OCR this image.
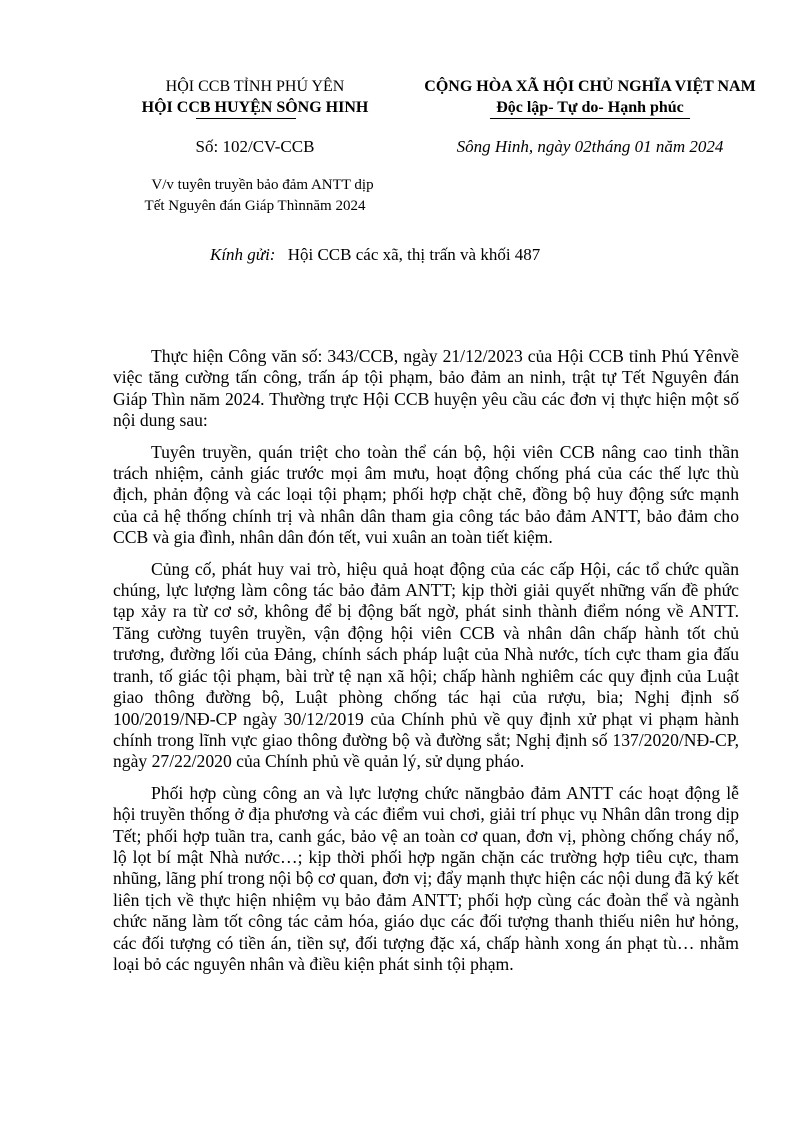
HỘI CCB TỈNH PHÚ YÊN
HỘI CCB HUYỆN SÔNG HINH
CỘNG HÒA XÃ HỘI CHỦ NGHĨA VIỆT NAM
Độc lập- Tự do- Hạnh phúc
Số: 102/CV-CCB	Sông Hinh, ngày 02tháng 01 năm 2024
V/v tuyên truyền bảo đảm ANTT dịp
Tết Nguyên đán Giáp Thìnnăm 2024
Kính gửi: Hội CCB các xã, thị trấn và khối 487

Thực hiện Công văn số: 343/CCB, ngày 21/12/2023 của Hội CCB tỉnh Phú Yênvề việc tăng cường tấn công, trấn áp tội phạm, bảo đảm an ninh, trật tự Tết Nguyên đán Giáp Thìn năm 2024. Thường trực Hội CCB huyện yêu cầu các đơn vị thực hiện một số nội dung sau:

Tuyên truyền, quán triệt cho toàn thể cán bộ, hội viên CCB nâng cao tinh thần trách nhiệm, cảnh giác trước mọi âm mưu, hoạt động chống phá của các thế lực thù địch, phản động và các loại tội phạm; phối hợp chặt chẽ, đồng bộ huy động sức mạnh của cả hệ thống chính trị và nhân dân tham gia công tác bảo đảm ANTT, bảo đảm cho CCB và gia đình, nhân dân đón tết, vui xuân an toàn tiết kiệm.

Củng cố, phát huy vai trò, hiệu quả hoạt động của các cấp Hội, các tổ chức quần chúng, lực lượng làm công tác bảo đảm ANTT; kịp thời giải quyết những vấn đề phức tạp xảy ra từ cơ sở, không để bị động bất ngờ, phát sinh thành điểm nóng về ANTT. Tăng cường tuyên truyền, vận động hội viên CCB và nhân dân chấp hành tốt chủ trương, đường lối của Đảng, chính sách pháp luật của Nhà nước, tích cực tham gia đấu tranh, tố giác tội phạm, bài trừ tệ nạn xã hội; chấp hành nghiêm các quy định của Luật giao thông đường bộ, Luật phòng chống tác hại của rượu, bia; Nghị định số 100/2019/NĐ-CP ngày 30/12/2019 của Chính phủ về quy định xử phạt vi phạm hành chính trong lĩnh vực giao thông đường bộ và đường sắt; Nghị định số 137/2020/NĐ-CP, ngày 27/22/2020 của Chính phủ về quản lý, sử dụng pháo.

Phối hợp cùng công an và lực lượng chức năngbảo đảm ANTT các hoạt động lễ hội truyền thống ở địa phương và các điểm vui chơi, giải trí phục vụ Nhân dân trong dịp Tết; phối hợp tuần tra, canh gác, bảo vệ an toàn cơ quan, đơn vị, phòng chống cháy nổ, lộ lọt bí mật Nhà nước…; kịp thời phối hợp ngăn chặn các trường hợp tiêu cực, tham nhũng, lãng phí trong nội bộ cơ quan, đơn vị; đẩy mạnh thực hiện các nội dung đã ký kết liên tịch về thực hiện nhiệm vụ bảo đảm ANTT; phối hợp cùng các đoàn thể và ngành chức năng làm tốt công tác cảm hóa, giáo dục các đối tượng thanh thiếu niên hư hỏng, các đối tượng có tiền án, tiền sự, đối tượng đặc xá, chấp hành xong án phạt tù… nhằm loại bỏ các nguyên nhân và điều kiện phát sinh tội phạm.
